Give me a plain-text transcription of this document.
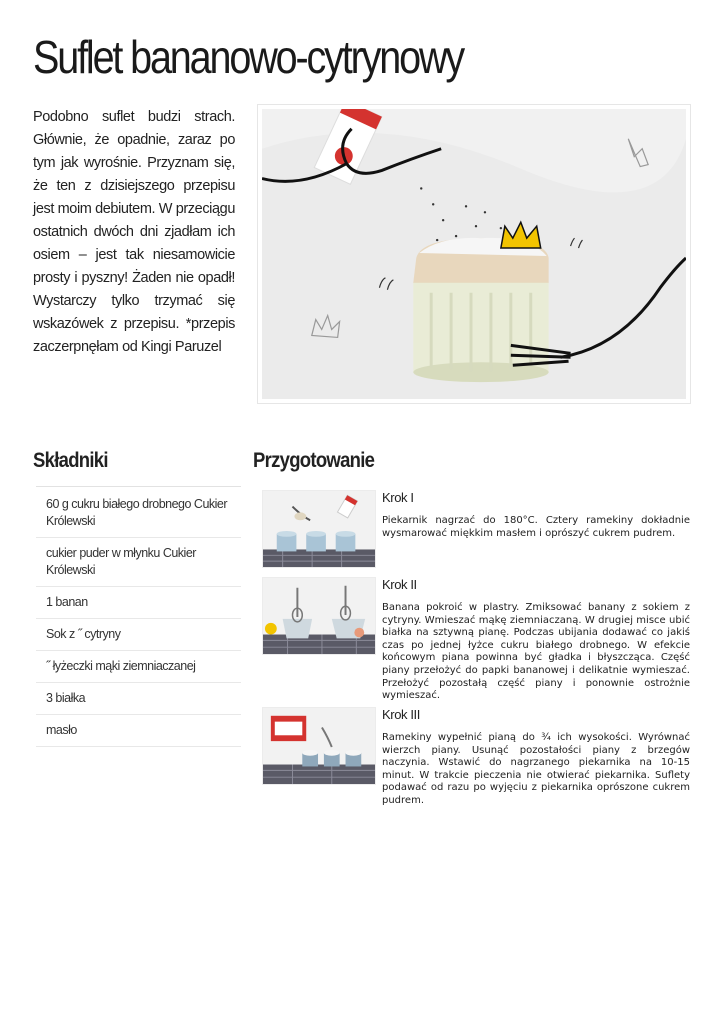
Suflet bananowo-cytrynowy

Podobno suflet budzi strach. Głównie, że opadnie, zaraz po tym jak wyrośnie. Przyznam się, że ten z dzisiejszego przepisu jest moim debiutem. W przeciągu ostatnich dwóch dni zjadłam ich osiem – jest tak niesamowicie prosty i pyszny! Żaden nie opadł! Wystarczy tylko trzymać się wskazówek z przepisu. *przepis zaczerpnęłam od Kingi Paruzel

Składniki	Przygotowanie
60 g cukru białego drobnego Cukier Królewski
cukier puder w młynku Cukier Królewski
1 banan
Sok z ˝ cytryny
˝ łyżeczki mąki ziemniaczanej
3 białka
masło
Krok I

Piekarnik nagrzać do 180°C. Cztery ramekiny dokładnie wysmarować miękkim masłem i oprószyć cukrem pudrem.

Krok II

Banana pokroić w plastry. Zmiksować banany z sokiem z cytryny. Wmieszać mąkę ziemniaczaną. W drugiej misce ubić białka na sztywną pianę. Podczas ubijania dodawać co jakiś czas po jednej łyżce cukru białego drobnego. W efekcie końcowym piana powinna być gładka i błyszcząca. Część piany przełożyć do papki bananowej i delikatnie wymieszać. Przełożyć pozostałą część piany i ponownie ostrożnie wymieszać.

Krok III

Ramekiny wypełnić pianą do ¾ ich wysokości. Wyrównać wierzch piany. Usunąć pozostałości piany z brzegów naczynia. Wstawić do nagrzanego piekarnika na 10-15 minut. W trakcie pieczenia nie otwierać piekarnika. Suflety podawać od razu po wyjęciu z piekarnika oprószone cukrem pudrem.
